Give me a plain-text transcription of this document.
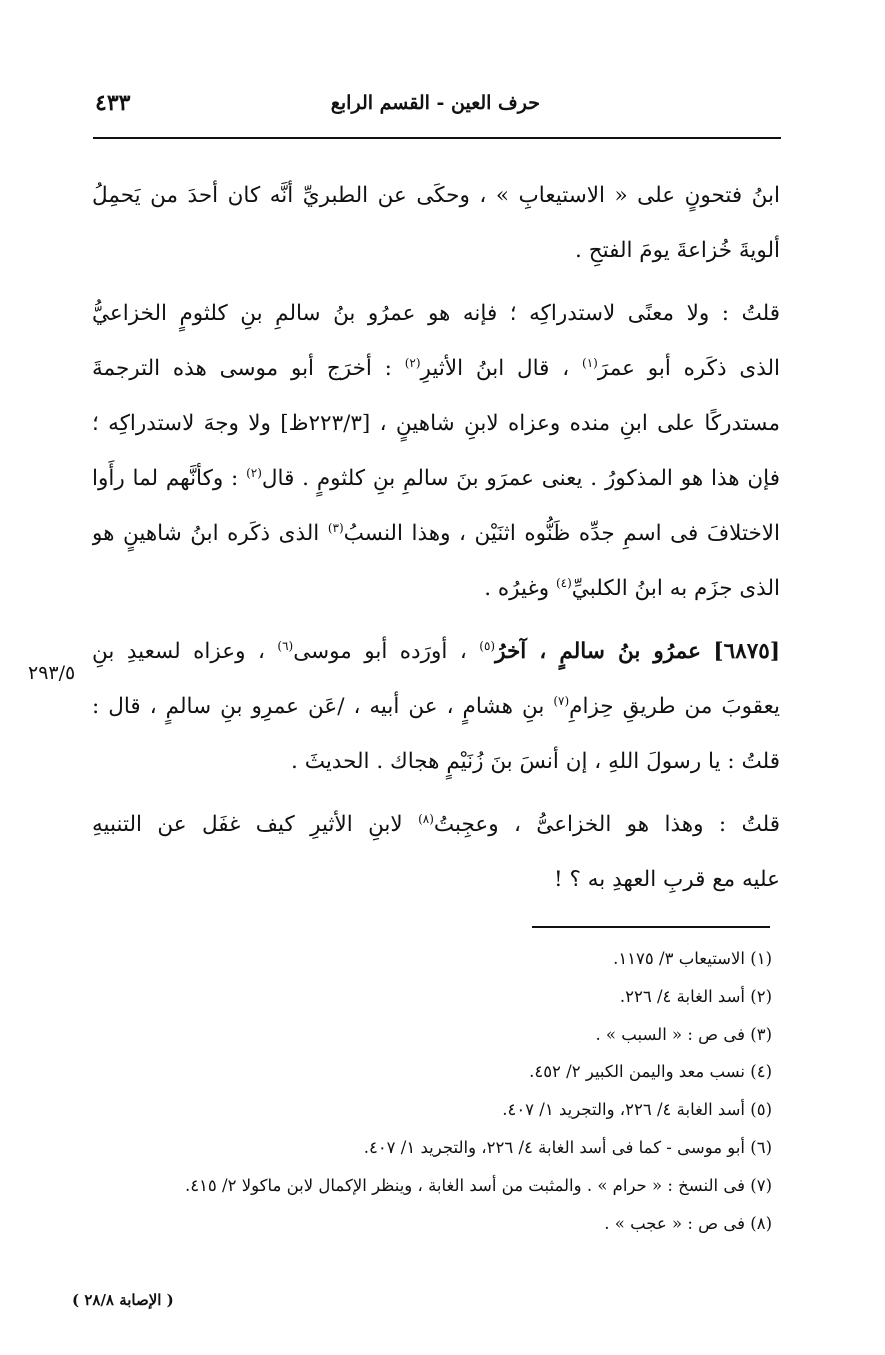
حرف العين - القسم الرابع
٤٣٣
ابنُ فتحونٍ على « الاستيعابِ » ، وحكَى عن الطبريِّ أنَّه كان أحدَ من يَحمِلُ
ألويةَ خُزاعةَ يومَ الفتحِ .
قلتُ : ولا معنًى لاستدراكِه ؛ فإنه هو عمرُو بنُ سالمِ بنِ كلثومٍ الخزاعيُّ
الذى ذكَره أبو عمرَ$^{(١)}$ ، قال ابنُ الأثيرِ$^{(٢)}$ : أخرَج أبو موسى هذه الترجمةَ
مستدركًا على ابنِ منده وعزاه لابنِ شاهينٍ ، [٢٢٣/٣ظ] ولا وجهَ لاستدراكِه ؛
فإن هذا هو المذكورُ . يعنى عمرَو بنَ سالمِ بنِ كلثومٍ . قال$^{(٢)}$ : وكأنَّهم لما رأَوا
الاختلافَ فى اسمِ جدِّه ظَنُّوه اثنَيْن ، وهذا النسبُ$^{(٣)}$ الذى ذكَره ابنُ شاهينٍ هو
الذى جزَم به ابنُ الكلبيِّ$^{(٤)}$ وغيرُه .
[٦٨٧٥] عمرُو بنُ سالمٍ ، آخرُ$^{(٥)}$ ، أورَده أبو موسى$^{(٦)}$ ، وعزاه لسعيدِ بنِ
يعقوبَ من طريقِ حِزامِ$^{(٧)}$ بنِ هشامٍ ، عن أبيه ، /عَن عمرِو بنِ سالمٍ ، قال :
قلتُ : يا رسولَ اللهِ ، إن أنسَ بنَ زُنَيْمٍ هجاك . الحديثَ .
قلتُ : وهذا هو الخزاعىُّ ، وعجِبتُ$^{(٨)}$ لابنِ الأثيرِ كيف غفَل عن التنبيهِ
عليه مع قربِ العهدِ به ؟ !
٢٩٣/٥
(١) الاستيعاب ٣/ ١١٧٥.
(٢) أسد الغابة ٤/ ٢٢٦.
(٣) فى ص : « السبب » .
(٤) نسب معد واليمن الكبير ٢/ ٤٥٢.
(٥) أسد الغابة ٤/ ٢٢٦، والتجريد ١/ ٤٠٧.
(٦) أبو موسى - كما فى أسد الغابة ٤/ ٢٢٦، والتجريد ١/ ٤٠٧.
(٧) فى النسخ : « حرام » . والمثبت من أسد الغابة ، وينظر الإكمال لابن ماكولا ٢/ ٤١٥.
(٨) فى ص : « عجب » .
( الإصابة ٢٨/٨ )
